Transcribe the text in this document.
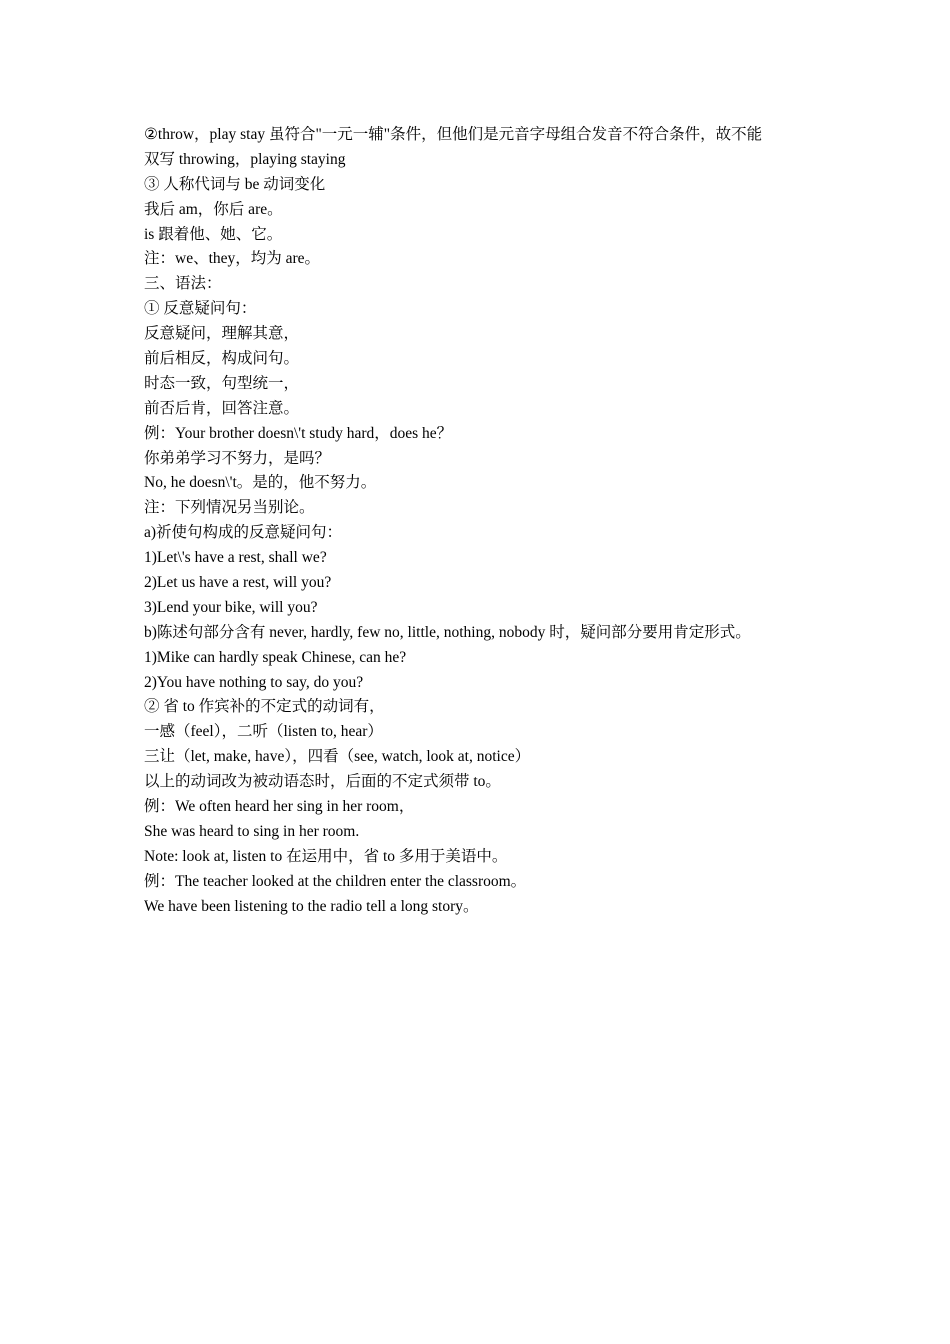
②throw，play stay 虽符合"一元一辅"条件，但他们是元音字母组合发音不符合条件，故不能
双写 throwing，playing staying
③ 人称代词与 be 动词变化
我后 am，你后 are。
is 跟着他、她、它。
注：we、they，均为 are。
三、语法：
① 反意疑问句：
反意疑问，理解其意，
前后相反，构成问句。
时态一致，句型统一，
前否后肯，回答注意。
例：Your brother doesn\'t study hard，does he？
你弟弟学习不努力，是吗？
No, he doesn\'t。是的，他不努力。
注：下列情况另当别论。
a)祈使句构成的反意疑问句：
1)Let\'s have a rest, shall we?
2)Let us have a rest, will you?
3)Lend your bike, will you?
b)陈述句部分含有 never, hardly, few no, little, nothing, nobody 时，疑问部分要用肯定形式。
1)Mike can hardly speak Chinese, can he?
2)You have nothing to say, do you?
② 省 to 作宾补的不定式的动词有，
一感（feel），二听（listen to, hear）
三让（let, make, have），四看（see, watch, look at, notice）
以上的动词改为被动语态时，后面的不定式须带 to。
例：We often heard her sing in her room，
She was heard to sing in her room.
Note: look at, listen to 在运用中，省 to 多用于美语中。
例：The teacher looked at the children enter the classroom。
We have been listening to the radio tell a long story。
